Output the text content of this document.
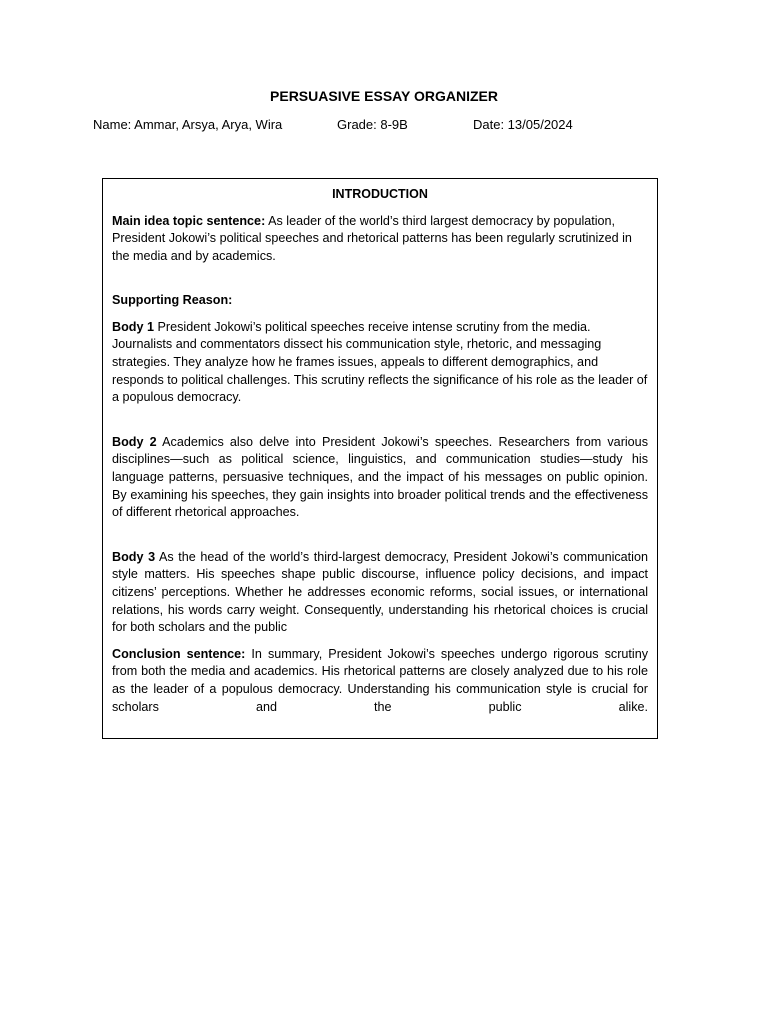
PERSUASIVE ESSAY ORGANIZER
Name: Ammar, Arsya, Arya, Wira	Grade: 8-9B	Date: 13/05/2024
INTRODUCTION

Main idea topic sentence: As leader of the world’s third largest democracy by population, President Jokowi’s political speeches and rhetorical patterns has been regularly scrutinized in the media and by academics.

Supporting Reason:

Body 1 President Jokowi’s political speeches receive intense scrutiny from the media. Journalists and commentators dissect his communication style, rhetoric, and messaging strategies. They analyze how he frames issues, appeals to different demographics, and responds to political challenges. This scrutiny reflects the significance of his role as the leader of a populous democracy.

Body 2 Academics also delve into President Jokowi’s speeches. Researchers from various disciplines—such as political science, linguistics, and communication studies—study his language patterns, persuasive techniques, and the impact of his messages on public opinion. By examining his speeches, they gain insights into broader political trends and the effectiveness of different rhetorical approaches.

Body 3 As the head of the world’s third-largest democracy, President Jokowi’s communication style matters. His speeches shape public discourse, influence policy decisions, and impact citizens’ perceptions. Whether he addresses economic reforms, social issues, or international relations, his words carry weight. Consequently, understanding his rhetorical choices is crucial for both scholars and the public

Conclusion sentence: In summary, President Jokowi’s speeches undergo rigorous scrutiny from both the media and academics. His rhetorical patterns are closely analyzed due to his role as the leader of a populous democracy. Understanding his communication style is crucial for scholars and the public alike.
